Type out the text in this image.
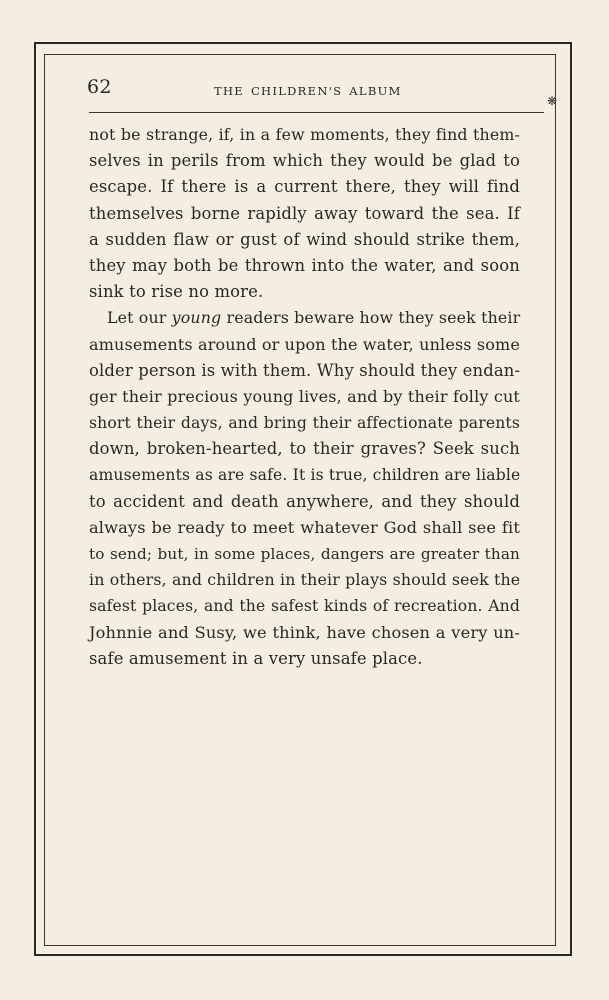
62	THE CHILDREN'S ALBUM
❋
not be strange, if, in a few moments, they find them-
selves in perils from which they would be glad to
escape. If there is a current there, they will find
themselves borne rapidly away toward the sea. If
a sudden flaw or gust of wind should strike them,
they may both be thrown into the water, and soon
sink to rise no more.
Let our young readers beware how they seek their
amusements around or upon the water, unless some
older person is with them. Why should they endan-
ger their precious young lives, and by their folly cut
short their days, and bring their affectionate parents
down, broken-hearted, to their graves? Seek such
amusements as are safe. It is true, children are liable
to accident and death anywhere, and they should
always be ready to meet whatever God shall see fit
to send; but, in some places, dangers are greater than
in others, and children in their plays should seek the
safest places, and the safest kinds of recreation. And
Johnnie and Susy, we think, have chosen a very un-
safe amusement in a very unsafe place.
